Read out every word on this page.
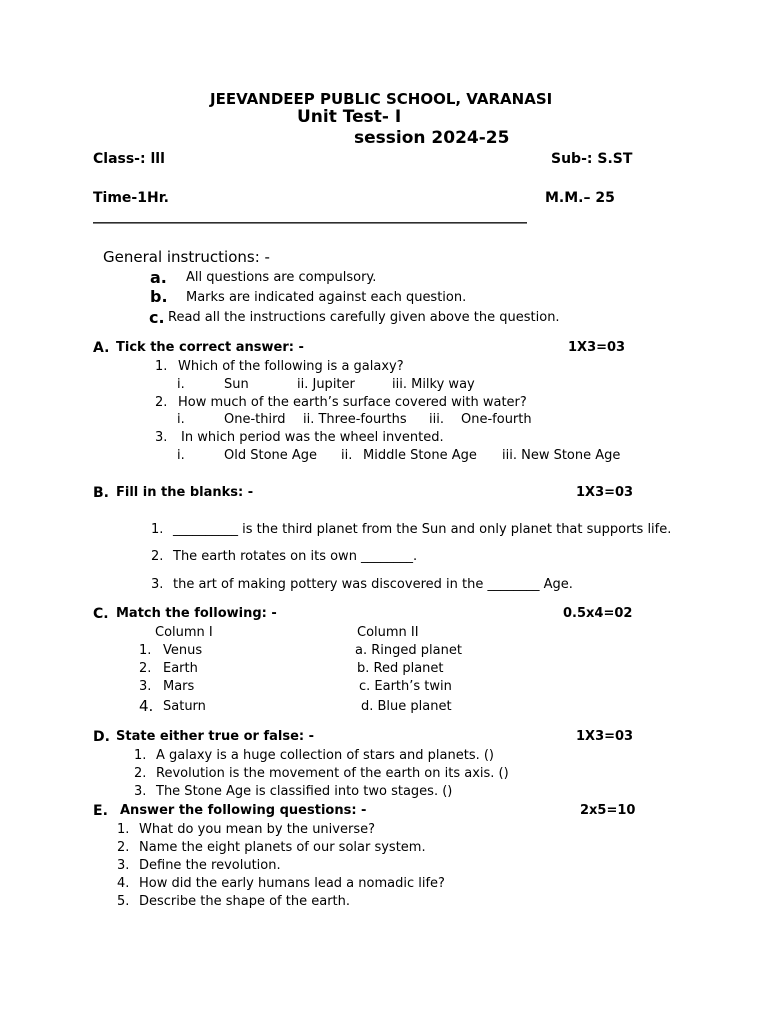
JEEVANDEEP PUBLIC SCHOOL, VARANASI
Unit Test- I
session 2024-25
Class-: lll	Sub-: S.ST
Time-1Hr.	M.M.– 25
______________________________________________________________
General instructions: -
a. All questions are compulsory.
b. Marks are indicated against each question.
c. Read all the instructions carefully given above the question.
A. Tick the correct answer: -	1X3=03
1. Which of the following is a galaxy?
i.	Sun	ii. Jupiter	iii. Milky way
2. How much of the earth’s surface covered with water?
i.	One-third ii. Three-fourths iii. One-fourth
3. In which period was the wheel invented.
i.	Old Stone Age ii. Middle Stone Age iii. New Stone Age
B. Fill in the blanks: -	1X3=03
1. __________ is the third planet from the Sun and only planet that supports life.
2. The earth rotates on its own ________.
3. the art of making pottery was discovered in the ________ Age.
C. Match the following: -	0.5x4=02
Column I	Column II
1. Venus	a. Ringed planet
2. Earth	b. Red planet
3. Mars	c. Earth’s twin
4. Saturn	d. Blue planet
D. State either true or false: -	1X3=03
1. A galaxy is a huge collection of stars and planets. ()
2. Revolution is the movement of the earth on its axis. ()
3. The Stone Age is classified into two stages. ()
E. Answer the following questions: -	2x5=10
1. What do you mean by the universe?
2. Name the eight planets of our solar system.
3. Define the revolution.
4. How did the early humans lead a nomadic life?
5. Describe the shape of the earth.
